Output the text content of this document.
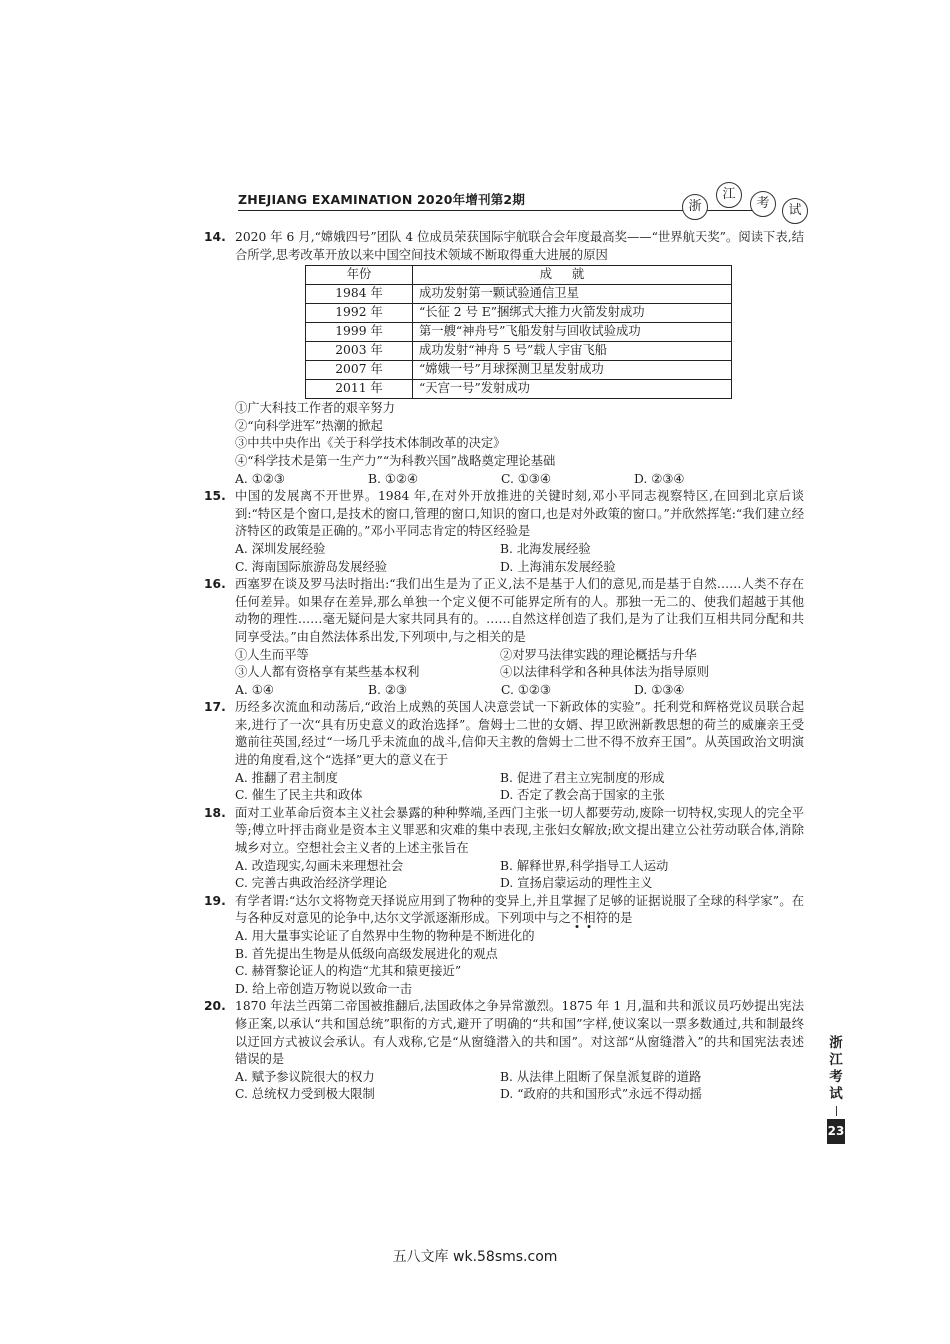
ZHEJIANG EXAMINATION 2020年增刊第2期	浙
江
考	试
14. 2020 年 6 月,“嫦娥四号”团队 4 位成员荣获国际宇航联合会年度最高奖——“世界航天奖”。阅读下表,结合所学,思考改革开放以来中国空间技术领域不断取得重大进展的原因
年份	成就
1984 年	成功发射第一颗试验通信卫星
1992 年	“长征 2 号 E”捆绑式大推力火箭发射成功
1999 年	第一艘“神舟号”飞船发射与回收试验成功
2003 年	成功发射“神舟 5 号”载人宇宙飞船
2007 年	“嫦娥一号”月球探测卫星发射成功
2011 年	“天宫一号”发射成功
①广大科技工作者的艰辛努力
②“向科学进军”热潮的掀起
③中共中央作出《关于科学技术体制改革的决定》
④“科学技术是第一生产力”“为科教兴国”战略奠定理论基础
A. ①②③	B. ①②④	C. ①③④	D. ②③④
15. 中国的发展离不开世界。1984 年,在对外开放推进的关键时刻,邓小平同志视察特区,在回到北京后谈到:“特区是个窗口,是技术的窗口,管理的窗口,知识的窗口,也是对外政策的窗口。”并欣然挥笔:“我们建立经济特区的政策是正确的。”邓小平同志肯定的特区经验是
A. 深圳发展经验	B. 北海发展经验
C. 海南国际旅游岛发展经验	D. 上海浦东发展经验
16. 西塞罗在谈及罗马法时指出:“我们出生是为了正义,法不是基于人们的意见,而是基于自然……人类不存在任何差异。如果存在差异,那么单独一个定义便不可能界定所有的人。那独一无二的、使我们超越于其他动物的理性……毫无疑问是大家共同具有的。……自然这样创造了我们,是为了让我们互相共同分配和共同享受法。”由自然法体系出发,下列项中,与之相关的是
①人生而平等	②对罗马法律实践的理论概括与升华
③人人都有资格享有某些基本权利	④以法律科学和各种具体法为指导原则
A. ①④	B. ②③	C. ①②③	D. ①③④
17. 历经多次流血和动荡后,“政治上成熟的英国人决意尝试一下新政体的实验”。托利党和辉格党议员联合起来,进行了一次“具有历史意义的政治选择”。詹姆士二世的女婿、捍卫欧洲新教思想的荷兰的威廉亲王受邀前往英国,经过“一场几乎未流血的战斗,信仰天主教的詹姆士二世不得不放弃王国”。从英国政治文明演进的角度看,这个“选择”更大的意义在于
A. 推翻了君主制度	B. 促进了君主立宪制度的形成
C. 催生了民主共和政体	D. 否定了教会高于国家的主张
18. 面对工业革命后资本主义社会暴露的种种弊端,圣西门主张一切人都要劳动,废除一切特权,实现人的完全平等;傅立叶抨击商业是资本主义罪恶和灾难的集中表现,主张妇女解放;欧文提出建立公社劳动联合体,消除城乡对立。空想社会主义者的上述主张旨在
A. 改造现实,勾画未来理想社会	B. 解释世界,科学指导工人运动
C. 完善古典政治经济学理论	D. 宣扬启蒙运动的理性主义
19. 有学者谓:“达尔文将物竞天择说应用到了物种的变异上,并且掌握了足够的证据说服了全球的科学家”。在与各种反对意见的论争中,达尔文学派逐渐形成。下列项中与之不相符的是
A. 用大量事实论证了自然界中生物的物种是不断进化的
B. 首先提出生物是从低级向高级发展进化的观点
C. 赫胥黎论证人的构造“尤其和猿更接近”
D. 给上帝创造万物说以致命一击
20. 1870 年法兰西第二帝国被推翻后,法国政体之争异常激烈。1875 年 1 月,温和共和派议员巧妙提出宪法修正案,以承认“共和国总统”职衔的方式,避开了明确的“共和国”字样,使议案以一票多数通过,共和制最终以迂回方式被议会承认。有人戏称,它是“从窗缝潜入的共和国”。对这部“从窗缝潜入”的共和国宪法表述错误的是
A. 赋予参议院很大的权力	B. 从法律上阻断了保皇派复辟的道路
C. 总统权力受到极大限制	D. “政府的共和国形式”永远不得动摇
浙
江
考
试
23
五八文库 wk.58sms.com
